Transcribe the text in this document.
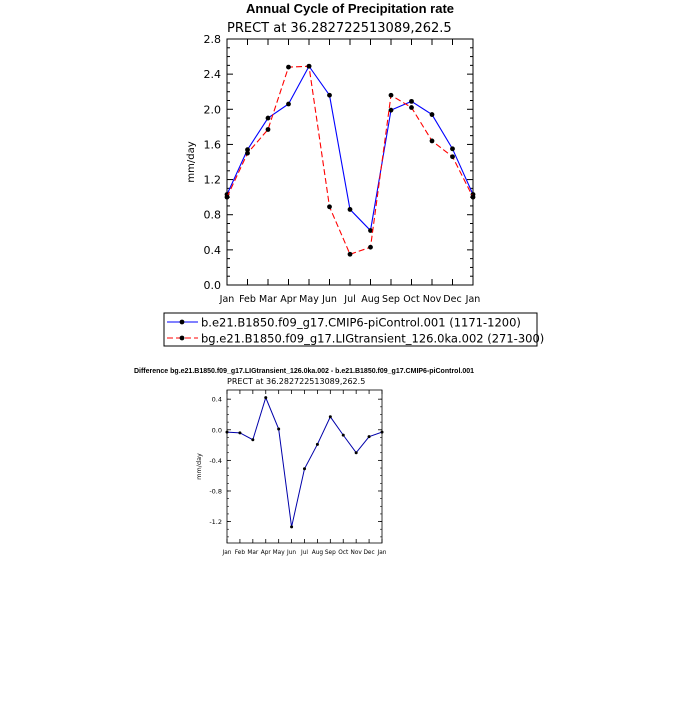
Annual Cycle of Precipitation rate
PRECT at 36.282722513089,262.5
0.0
0.4
0.8
1.2
1.6
2.0
2.4
2.8
Jan Feb Mar Apr May Jun Jul Aug Sep Oct Nov Dec Jan
mm/day
b.e21.B1850.f09_g17.CMIP6-piControl.001 (1171-1200)
bg.e21.B1850.f09_g17.LIGtransient_126.0ka.002 (271-300)
Difference bg.e21.B1850.f09_g17.LIGtransient_126.0ka.002 - b.e21.B1850.f09_g17.CMIP6-piControl.001
PRECT at 36.282722513089,262.5
0.4
0.0
-0.4
-0.8
-1.2
Jan Feb Mar Apr May Jun Jul Aug Sep Oct Nov Dec Jan
mm/day
